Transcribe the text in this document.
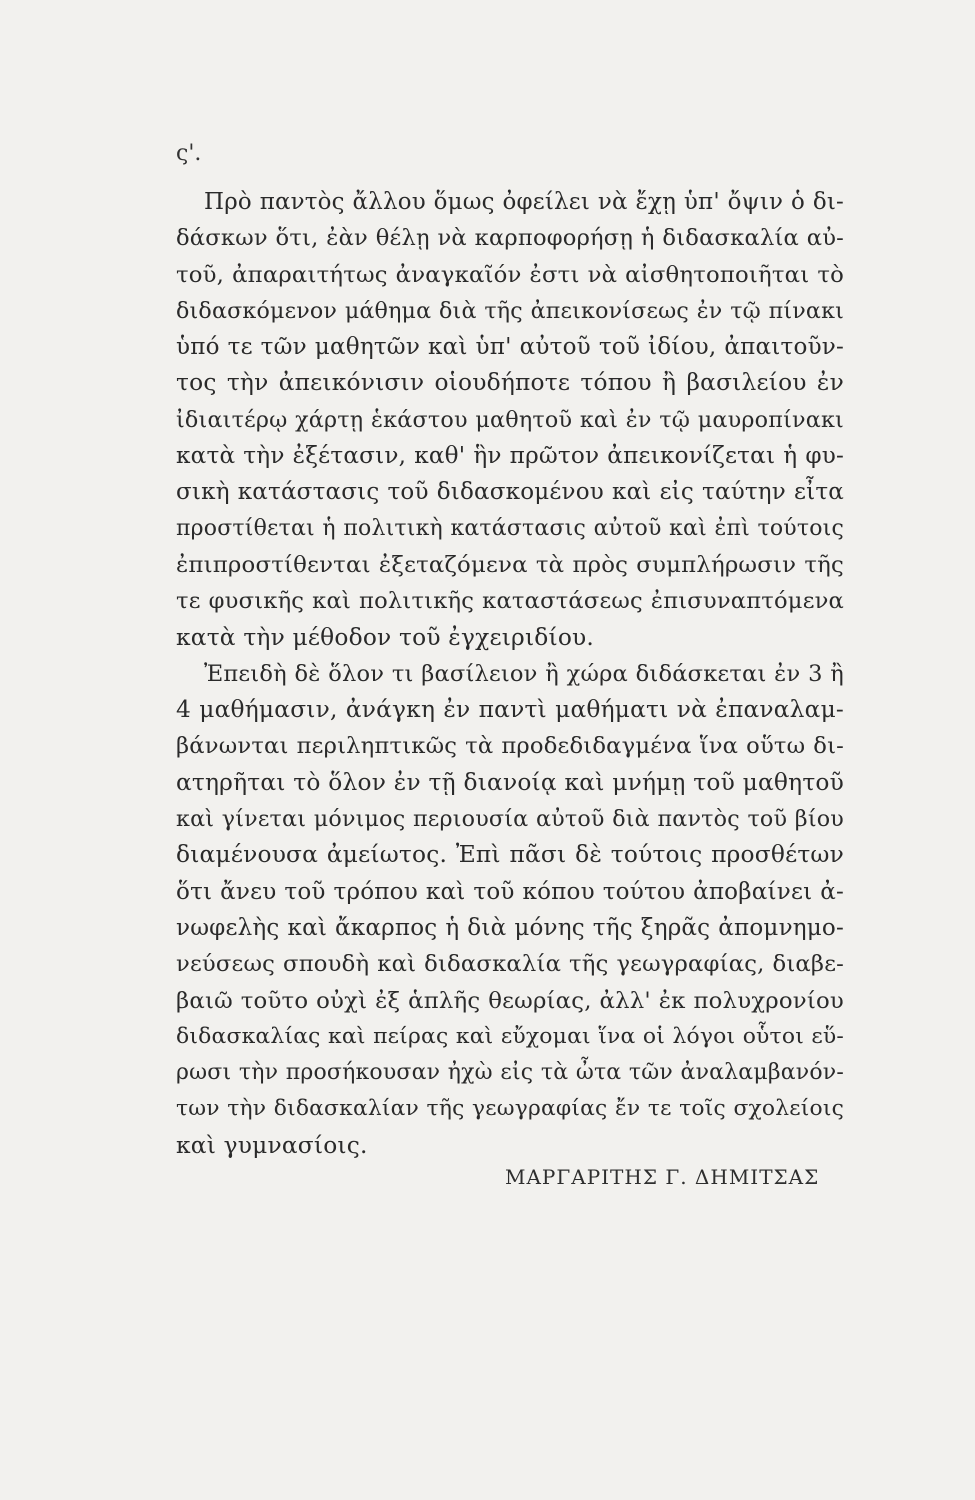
ς'.
Πρὸ παντὸς ἄλλου ὅμως ὀφείλει νὰ ἔχῃ ὑπ' ὄψιν ὁ δι-
δάσκων ὅτι, ἐὰν θέλῃ νὰ καρποφορήσῃ ἡ διδασκαλία αὐ-
τοῦ, ἀπαραιτήτως ἀναγκαῖόν ἐστι νὰ αἰσθητοποιῆται τὸ
διδασκόμενον μάθημα διὰ τῆς ἀπεικονίσεως ἐν τῷ πίνακι
ὑπό τε τῶν μαθητῶν καὶ ὑπ' αὐτοῦ τοῦ ἰδίου, ἀπαιτοῦν-
τος τὴν ἀπεικόνισιν οἱουδήποτε τόπου ἢ βασιλείου ἐν
ἰδιαιτέρῳ χάρτῃ ἑκάστου μαθητοῦ καὶ ἐν τῷ μαυροπίνακι
κατὰ τὴν ἐξέτασιν, καθ' ἣν πρῶτον ἀπεικονίζεται ἡ φυ-
σικὴ κατάστασις τοῦ διδασκομένου καὶ εἰς ταύτην εἶτα
προστίθεται ἡ πολιτικὴ κατάστασις αὐτοῦ καὶ ἐπὶ τούτοις
ἐπιπροστίθενται ἐξεταζόμενα τὰ πρὸς συμπλήρωσιν τῆς
τε φυσικῆς καὶ πολιτικῆς καταστάσεως ἐπισυναπτόμενα
κατὰ τὴν μέθοδον τοῦ ἐγχειριδίου.
Ἐπειδὴ δὲ ὅλον τι βασίλειον ἢ χώρα διδάσκεται ἐν 3 ἢ
4 μαθήμασιν, ἀνάγκη ἐν παντὶ μαθήματι νὰ ἐπαναλαμ-
βάνωνται περιληπτικῶς τὰ προδεδιδαγμένα ἵνα οὕτω δι-
ατηρῆται τὸ ὅλον ἐν τῇ διανοίᾳ καὶ μνήμῃ τοῦ μαθητοῦ
καὶ γίνεται μόνιμος περιουσία αὐτοῦ διὰ παντὸς τοῦ βίου
διαμένουσα ἀμείωτος. Ἐπὶ πᾶσι δὲ τούτοις προσθέτων
ὅτι ἄνευ τοῦ τρόπου καὶ τοῦ κόπου τούτου ἀποβαίνει ἀ-
νωφελὴς καὶ ἄκαρπος ἡ διὰ μόνης τῆς ξηρᾶς ἀπομνημο-
νεύσεως σπουδὴ καὶ διδασκαλία τῆς γεωγραφίας, διαβε-
βαιῶ τοῦτο οὐχὶ ἐξ ἁπλῆς θεωρίας, ἀλλ' ἐκ πολυχρονίου
διδασκαλίας καὶ πείρας καὶ εὔχομαι ἵνα οἱ λόγοι οὗτοι εὕ-
ρωσι τὴν προσήκουσαν ἠχὼ εἰς τὰ ὦτα τῶν ἀναλαμβανόν-
των τὴν διδασκαλίαν τῆς γεωγραφίας ἔν τε τοῖς σχολείοις
καὶ γυμνασίοις.
ΜΑΡΓΑΡΙΤΗΣ Γ. ΔΗΜΙΤΣΑΣ
